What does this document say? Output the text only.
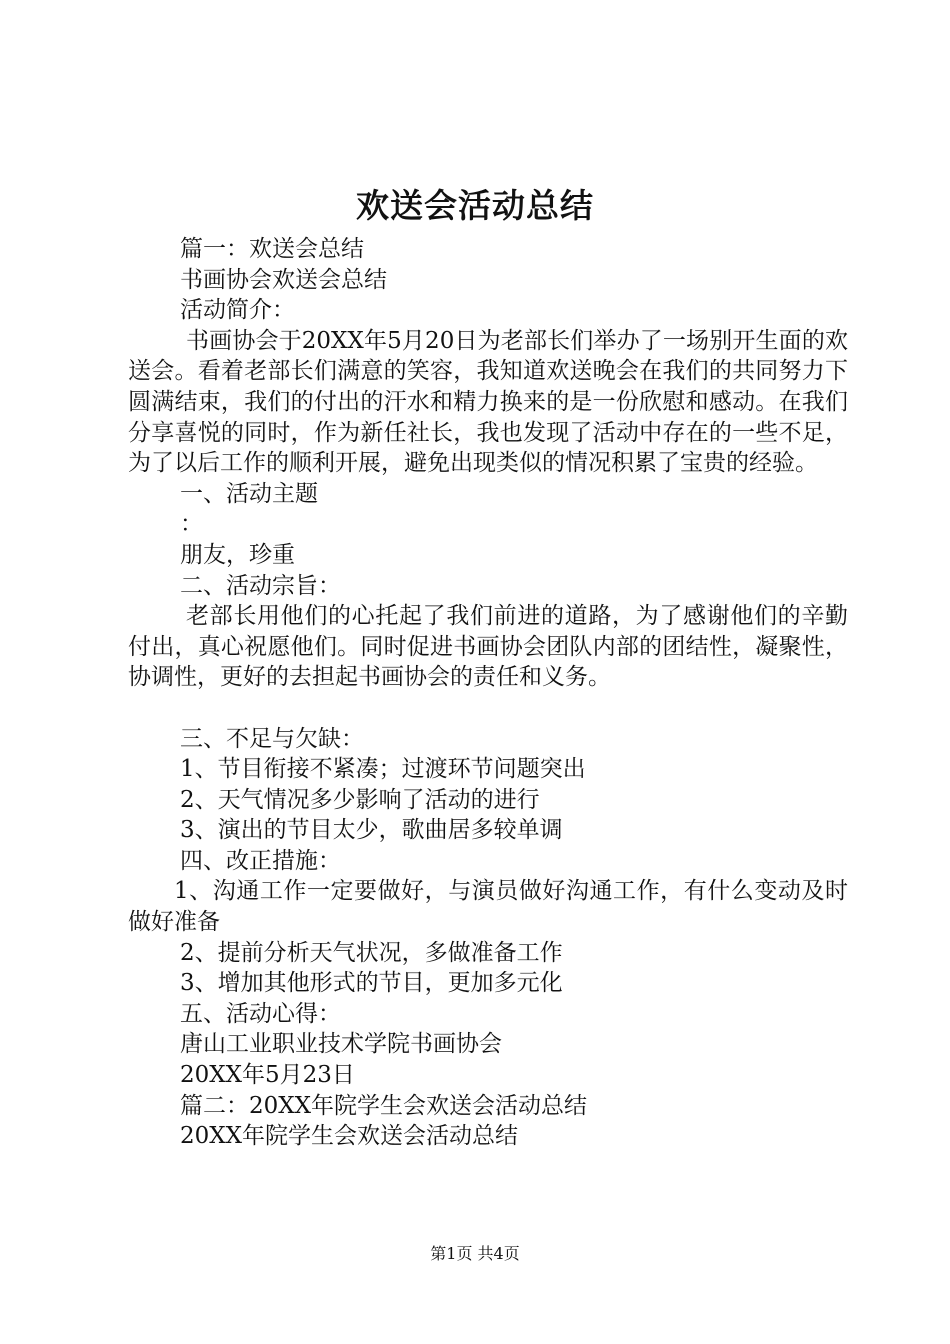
欢送会活动总结

篇一：欢送会总结

书画协会欢送会总结

活动简介：

书画协会于20XX年5月20日为老部长们举办了一场别开生面的欢送会。看着老部长们满意的笑容，我知道欢送晚会在我们的共同努力下圆满结束，我们的付出的汗水和精力换来的是一份欣慰和感动。在我们分享喜悦的同时，作为新任社长，我也发现了活动中存在的一些不足，为了以后工作的顺利开展，避免出现类似的情况积累了宝贵的经验。

一、活动主题

：

朋友，珍重

二、活动宗旨：

老部长用他们的心托起了我们前进的道路，为了感谢他们的辛勤付出，真心祝愿他们。同时促进书画协会团队内部的团结性，凝聚性，协调性，更好的去担起书画协会的责任和义务。

三、不足与欠缺：

1、节目衔接不紧凑；过渡环节问题突出

2、天气情况多少影响了活动的进行

3、演出的节目太少，歌曲居多较单调

四、改正措施：

1、沟通工作一定要做好，与演员做好沟通工作，有什么变动及时做好准备

2、提前分析天气状况，多做准备工作

3、增加其他形式的节目，更加多元化

五、活动心得：

唐山工业职业技术学院书画协会

20XX年5月23日

篇二：20XX年院学生会欢送会活动总结

20XX年院学生会欢送会活动总结

第1页 共4页
